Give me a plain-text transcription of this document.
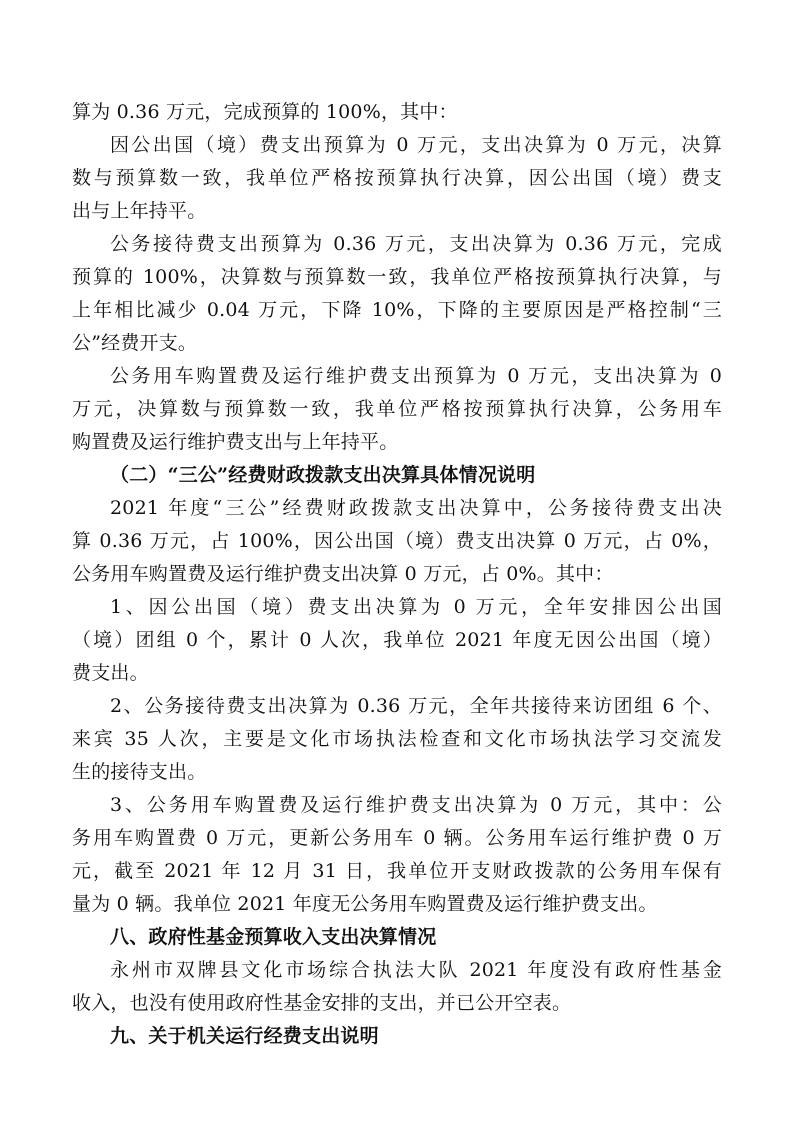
算为 0.36 万元，完成预算的 100%，其中：
因公出国（境）费支出预算为 0 万元，支出决算为 0 万元，决算
数与预算数一致，我单位严格按预算执行决算，因公出国（境）费支
出与上年持平。
公务接待费支出预算为 0.36 万元，支出决算为 0.36 万元，完成
预算的 100%，决算数与预算数一致，我单位严格按预算执行决算，与
上年相比减少 0.04 万元，下降 10%，下降的主要原因是严格控制“三
公”经费开支。
公务用车购置费及运行维护费支出预算为 0 万元，支出决算为 0
万元，决算数与预算数一致，我单位严格按预算执行决算，公务用车
购置费及运行维护费支出与上年持平。
（二）“三公”经费财政拨款支出决算具体情况说明
2021 年度“三公”经费财政拨款支出决算中，公务接待费支出决
算 0.36 万元，占 100%，因公出国（境）费支出决算 0 万元，占 0%，
公务用车购置费及运行维护费支出决算 0 万元，占 0%。其中：
1、因公出国（境）费支出决算为 0 万元，全年安排因公出国
（境）团组 0 个，累计 0 人次，我单位 2021 年度无因公出国（境）
费支出。
2、公务接待费支出决算为 0.36 万元，全年共接待来访团组 6 个、
来宾 35 人次，主要是文化市场执法检查和文化市场执法学习交流发
生的接待支出。
3、公务用车购置费及运行维护费支出决算为 0 万元，其中：公
务用车购置费 0 万元，更新公务用车 0 辆。公务用车运行维护费 0 万
元，截至 2021 年 12 月 31 日，我单位开支财政拨款的公务用车保有
量为 0 辆。我单位 2021 年度无公务用车购置费及运行维护费支出。
八、政府性基金预算收入支出决算情况
永州市双牌县文化市场综合执法大队 2021 年度没有政府性基金
收入，也没有使用政府性基金安排的支出，并已公开空表。
九、关于机关运行经费支出说明
